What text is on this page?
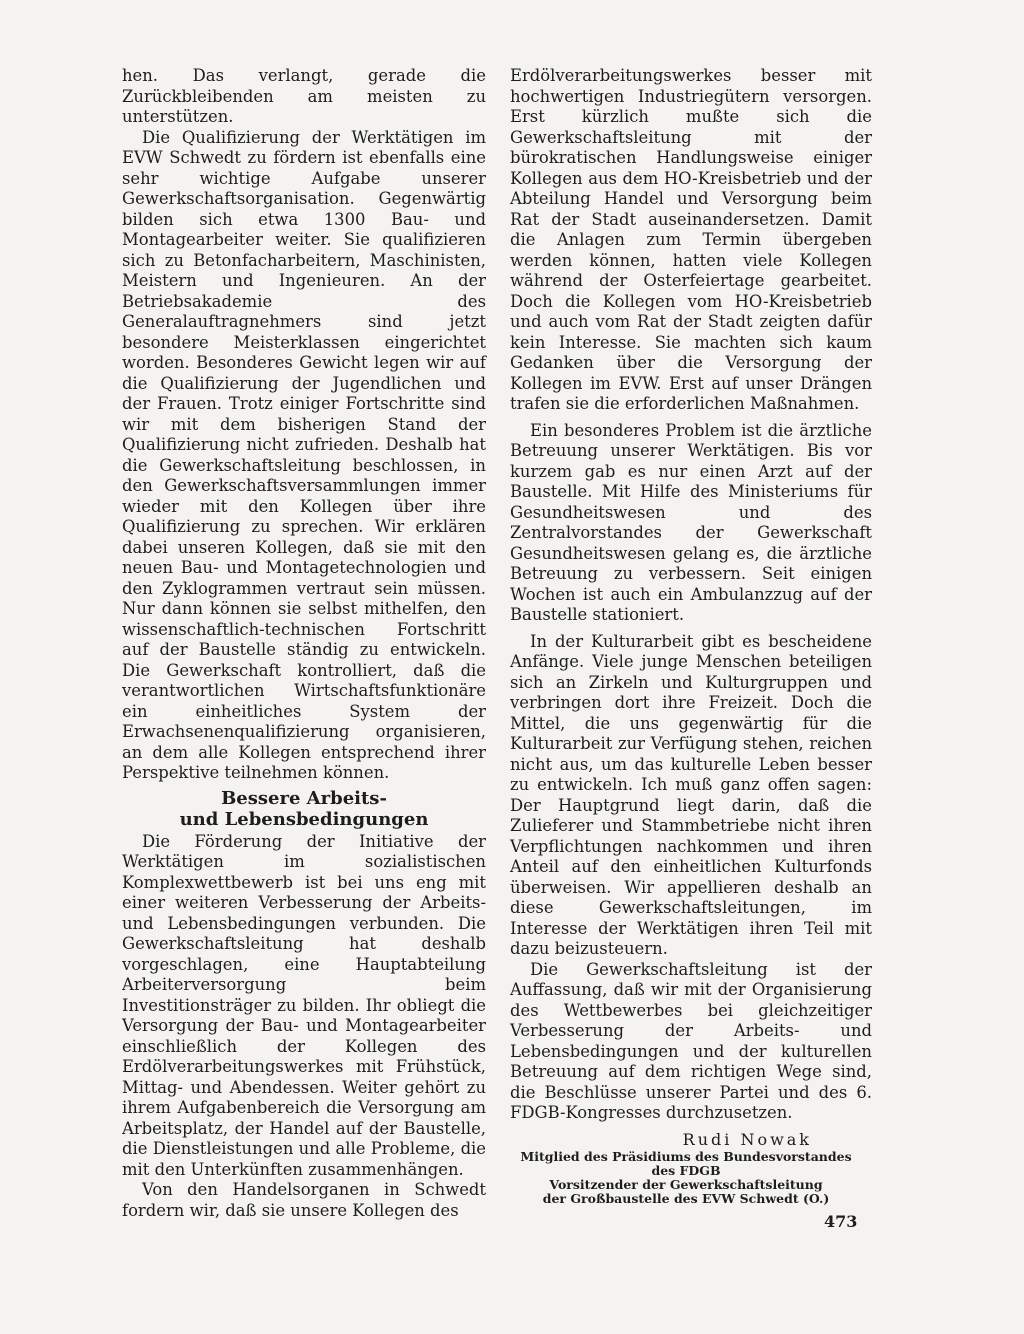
hen. Das verlangt, gerade die Zurückbleibenden am meisten zu unterstützen.

Die Qualifizierung der Werktätigen im EVW Schwedt zu fördern ist ebenfalls eine sehr wichtige Aufgabe unserer Gewerkschaftsorganisation. Gegenwärtig bilden sich etwa 1300 Bau- und Montagearbeiter weiter. Sie qualifizieren sich zu Betonfacharbeitern, Maschinisten, Meistern und Ingenieuren. An der Betriebsakademie des Generalauftragnehmers sind jetzt besondere Meisterklassen eingerichtet worden. Besonderes Gewicht legen wir auf die Qualifizierung der Jugendlichen und der Frauen. Trotz einiger Fortschritte sind wir mit dem bisherigen Stand der Qualifizierung nicht zufrieden. Deshalb hat die Gewerkschaftsleitung beschlossen, in den Gewerkschaftsversammlungen immer wieder mit den Kollegen über ihre Qualifizierung zu sprechen. Wir erklären dabei unseren Kollegen, daß sie mit den neuen Bau- und Montagetechnologien und den Zyklogrammen vertraut sein müssen. Nur dann können sie selbst mithelfen, den wissenschaftlich-technischen Fortschritt auf der Baustelle ständig zu entwickeln. Die Gewerkschaft kontrolliert, daß die verantwortlichen Wirtschaftsfunktionäre ein einheitliches System der Erwachsenenqualifizierung organisieren, an dem alle Kollegen entsprechend ihrer Perspektive teilnehmen können.

Bessere Arbeits-
und Lebensbedingungen

Die Förderung der Initiative der Werktätigen im sozialistischen Komplexwettbewerb ist bei uns eng mit einer weiteren Verbesserung der Arbeits- und Lebensbedingungen verbunden. Die Gewerkschaftsleitung hat deshalb vorgeschlagen, eine Hauptabteilung Arbeiterversorgung beim Investitionsträger zu bilden. Ihr obliegt die Versorgung der Bau- und Montagearbeiter einschließlich der Kollegen des Erdölverarbeitungswerkes mit Frühstück, Mittag- und Abendessen. Weiter gehört zu ihrem Aufgabenbereich die Versorgung am Arbeitsplatz, der Handel auf der Baustelle, die Dienstleistungen und alle Probleme, die mit den Unterkünften zusammenhängen.

Von den Handelsorganen in Schwedt fordern wir, daß sie unsere Kollegen des

Erdölverarbeitungswerkes besser mit hochwertigen Industriegütern versorgen. Erst kürzlich mußte sich die Gewerkschaftsleitung mit der bürokratischen Handlungsweise einiger Kollegen aus dem HO-Kreisbetrieb und der Abteilung Handel und Versorgung beim Rat der Stadt auseinandersetzen. Damit die Anlagen zum Termin übergeben werden können, hatten viele Kollegen während der Osterfeiertage gearbeitet. Doch die Kollegen vom HO-Kreisbetrieb und auch vom Rat der Stadt zeigten dafür kein Interesse. Sie machten sich kaum Gedanken über die Versorgung der Kollegen im EVW. Erst auf unser Drängen trafen sie die erforderlichen Maßnahmen.

Ein besonderes Problem ist die ärztliche Betreuung unserer Werktätigen. Bis vor kurzem gab es nur einen Arzt auf der Baustelle. Mit Hilfe des Ministeriums für Gesundheitswesen und des Zentralvorstandes der Gewerkschaft Gesundheitswesen gelang es, die ärztliche Betreuung zu verbessern. Seit einigen Wochen ist auch ein Ambulanzzug auf der Baustelle stationiert.

In der Kulturarbeit gibt es bescheidene Anfänge. Viele junge Menschen beteiligen sich an Zirkeln und Kulturgruppen und verbringen dort ihre Freizeit. Doch die Mittel, die uns gegenwärtig für die Kulturarbeit zur Verfügung stehen, reichen nicht aus, um das kulturelle Leben besser zu entwickeln. Ich muß ganz offen sagen: Der Hauptgrund liegt darin, daß die Zulieferer und Stammbetriebe nicht ihren Verpflichtungen nachkommen und ihren Anteil auf den einheitlichen Kulturfonds überweisen. Wir appellieren deshalb an diese Gewerkschaftsleitungen, im Interesse der Werktätigen ihren Teil mit dazu beizusteuern.

Die Gewerkschaftsleitung ist der Auffassung, daß wir mit der Organisierung des Wettbewerbes bei gleichzeitiger Verbesserung der Arbeits- und Lebensbedingungen und der kulturellen Betreuung auf dem richtigen Wege sind, die Beschlüsse unserer Partei und des 6. FDGB-Kongresses durchzusetzen.

Rudi Nowak
Mitglied des Präsidiums des Bundesvorstandes
des FDGB
Vorsitzender der Gewerkschaftsleitung
der Großbaustelle des EVW Schwedt (O.)
473
